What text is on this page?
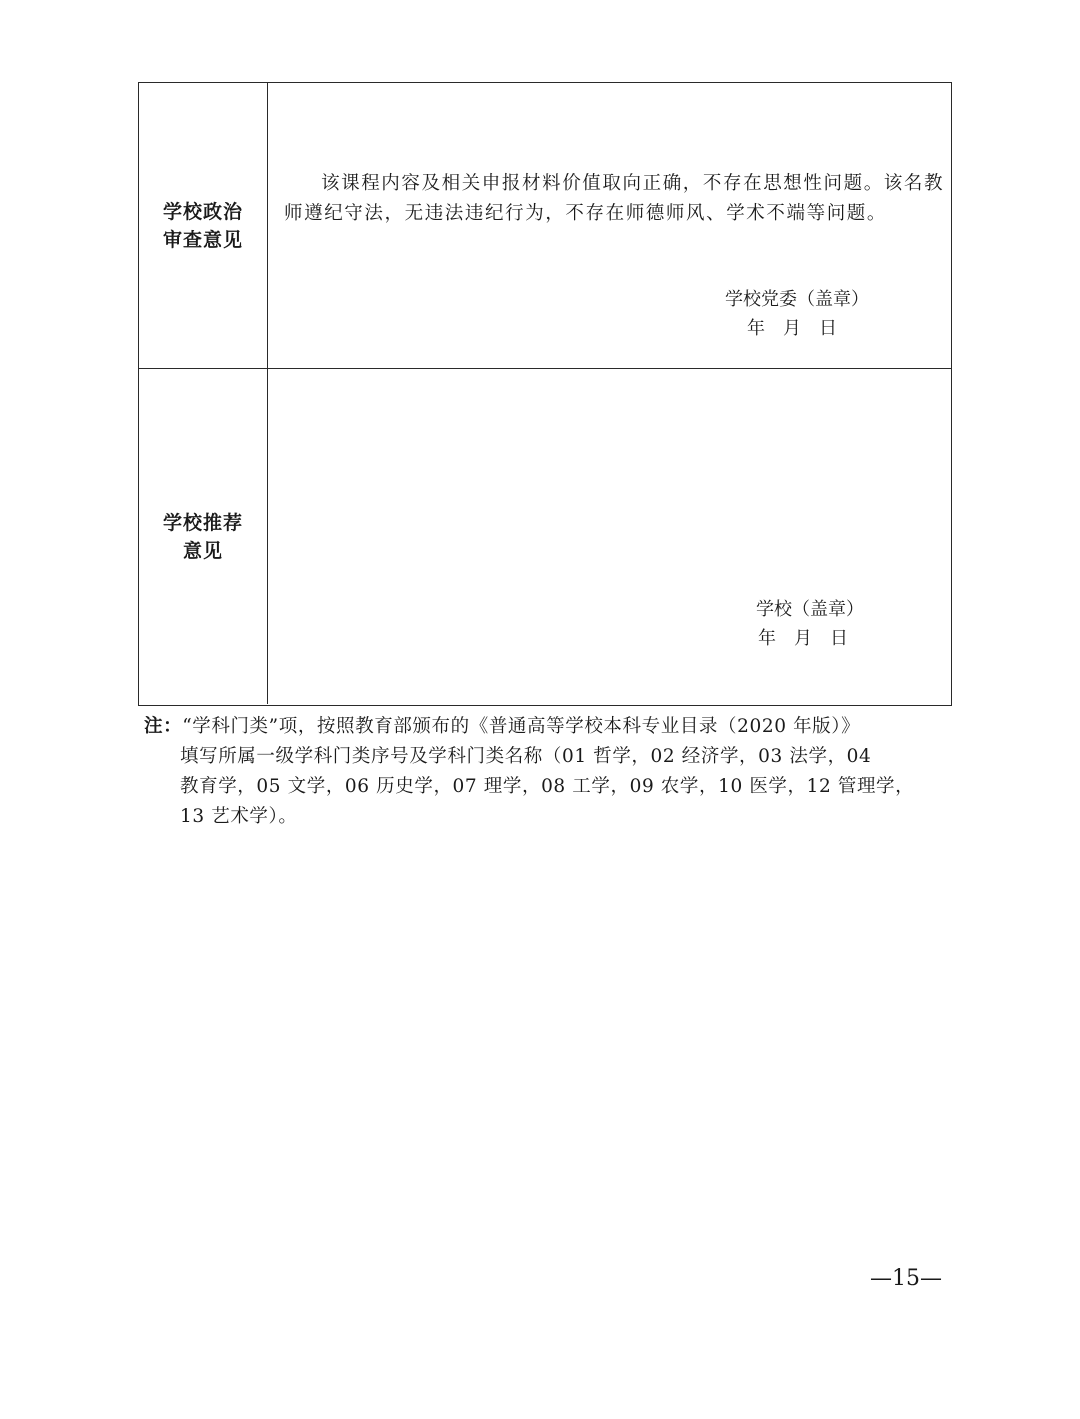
学校政治
审查意见

该课程内容及相关申报材料价值取向正确，不存在思想性问题。该名教师遵纪守法，无违法违纪行为，不存在师德师风、学术不端等问题。

学校党委（盖章）
年　月　日
学校推荐
意见

学校（盖章）
年　月　日
注：“学科门类”项，按照教育部颁布的《普通高等学校本科专业目录（2020 年版）》
填写所属一级学科门类序号及学科门类名称（01 哲学，02 经济学，03 法学，04
教育学，05 文学，06 历史学，07 理学，08 工学，09 农学，10 医学，12 管理学，
13 艺术学）。
—15—
